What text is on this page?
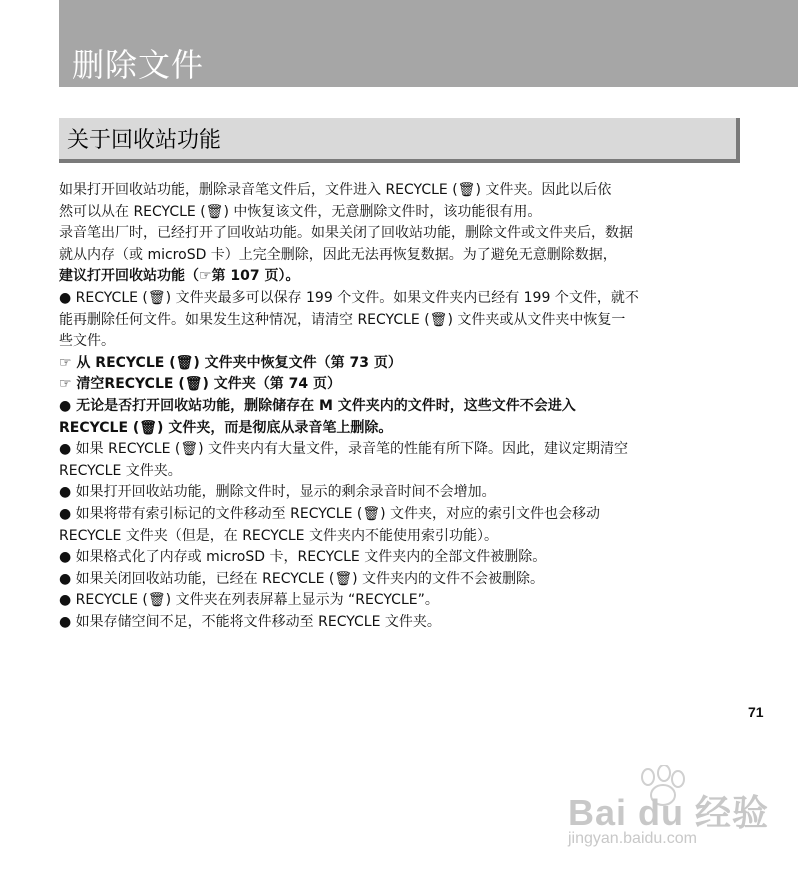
删除文件
关于回收站功能
如果打开回收站功能，删除录音笔文件后，文件进入 RECYCLE (🗑) 文件夹。因此以后依
然可以从在 RECYCLE (🗑) 中恢复该文件，无意删除文件时，该功能很有用。
录音笔出厂时，已经打开了回收站功能。如果关闭了回收站功能，删除文件或文件夹后，数据
就从内存（或 microSD 卡）上完全删除，因此无法再恢复数据。为了避免无意删除数据，
建议打开回收站功能（☞第 107 页）。
● RECYCLE (🗑) 文件夹最多可以保存 199 个文件。如果文件夹内已经有 199 个文件，就不
能再删除任何文件。如果发生这种情况，请清空 RECYCLE (🗑) 文件夹或从文件夹中恢复一
些文件。
☞ 从 RECYCLE (🗑) 文件夹中恢复文件（第 73 页）
☞ 清空RECYCLE (🗑) 文件夹（第 74 页）
● 无论是否打开回收站功能，删除储存在 M 文件夹内的文件时，这些文件不会进入
RECYCLE (🗑) 文件夹，而是彻底从录音笔上删除。
● 如果 RECYCLE (🗑) 文件夹内有大量文件，录音笔的性能有所下降。因此，建议定期清空
RECYCLE 文件夹。
● 如果打开回收站功能，删除文件时，显示的剩余录音时间不会增加。
● 如果将带有索引标记的文件移动至 RECYCLE (🗑) 文件夹，对应的索引文件也会移动
RECYCLE 文件夹（但是，在 RECYCLE 文件夹内不能使用索引功能）。
● 如果格式化了内存或 microSD 卡，RECYCLE 文件夹内的全部文件被删除。
● 如果关闭回收站功能，已经在 RECYCLE (🗑) 文件夹内的文件不会被删除。
● RECYCLE (🗑) 文件夹在列表屏幕上显示为 “RECYCLE”。
● 如果存储空间不足，不能将文件移动至 RECYCLE 文件夹。
71
Bai du 经验
jingyan.baidu.com
